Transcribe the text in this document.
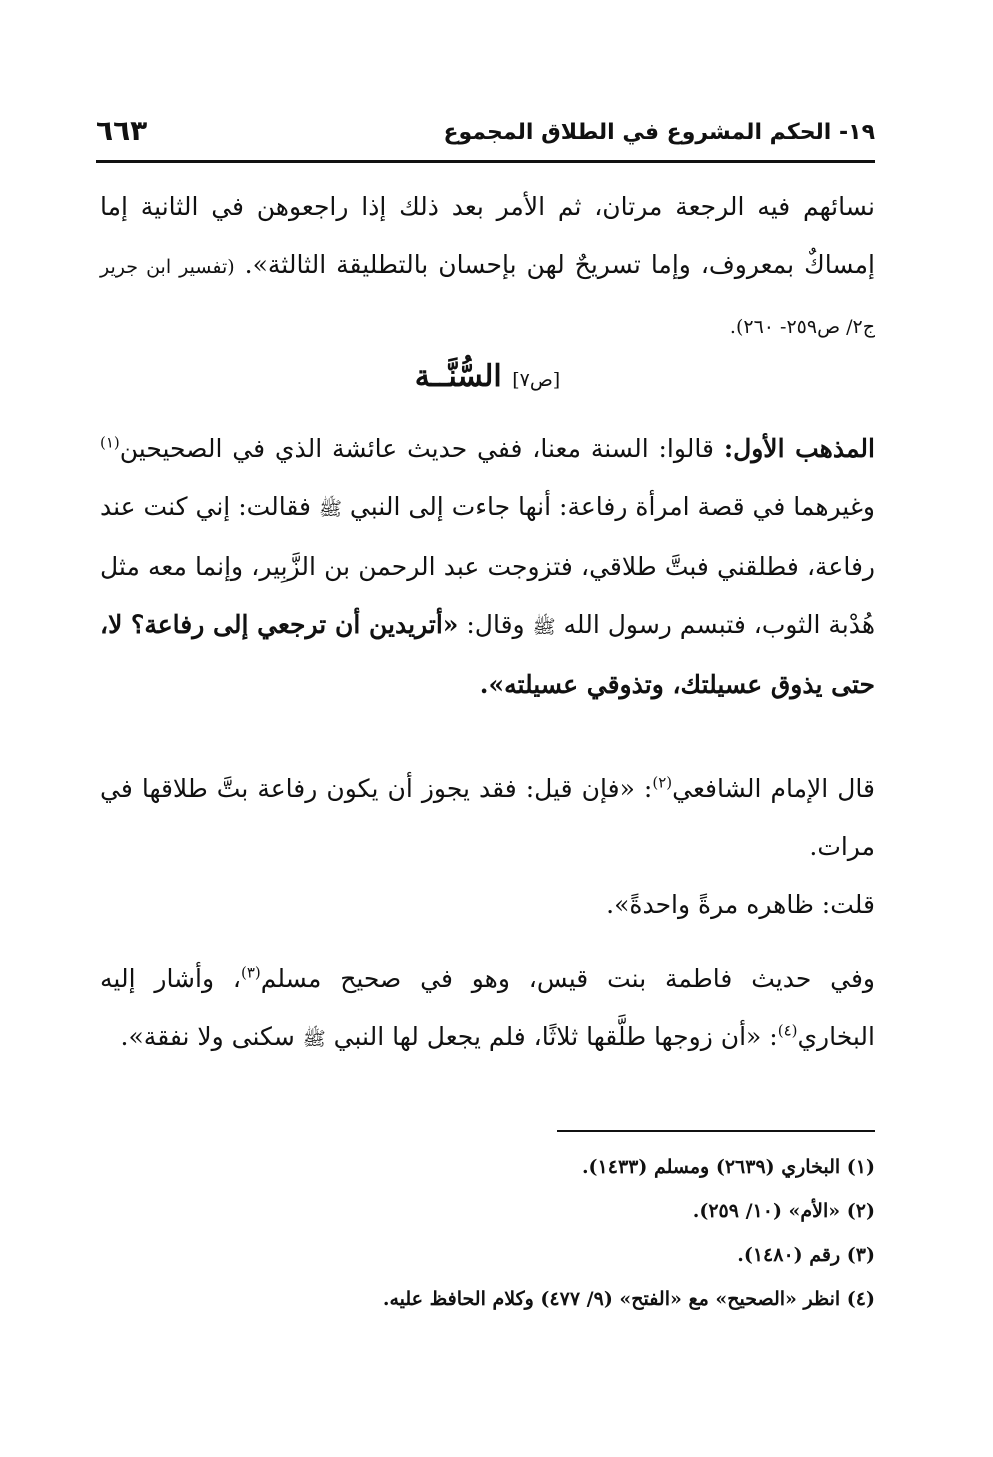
١٩- الحكم المشروع في الطلاق المجموع
٦٦٣
نسائهم فيه الرجعة مرتان، ثم الأمر بعد ذلك إذا راجعوهن في الثانية إما إمساكٌ بمعروف، وإما تسريحٌ لهن بإحسان بالتطليقة الثالثة». (تفسير ابن جرير ج٢/ ص٢٥٩- ٢٦٠).
[ص٧] السُّنَّــة
المذهب الأول: قالوا: السنة معنا، ففي حديث عائشة الذي في الصحيحين$^{(١)}$ وغيرهما في قصة امرأة رفاعة: أنها جاءت إلى النبي ﷺ فقالت: إني كنت عند رفاعة، فطلقني فبتَّ طلاقي، فتزوجت عبد الرحمن بن الزَّبِير، وإنما معه مثل هُدْبة الثوب، فتبسم رسول الله ﷺ وقال: «أتريدين أن ترجعي إلى رفاعة؟ لا، حتى يذوق عسيلتك، وتذوقي عسيلته».
قال الإمام الشافعي$^{(٢)}$: «فإن قيل: فقد يجوز أن يكون رفاعة بتَّ طلاقها في مرات.
قلت: ظاهره مرةً واحدةً».
وفي حديث فاطمة بنت قيس، وهو في صحيح مسلم$^{(٣)}$، وأشار إليه البخاري$^{(٤)}$: «أن زوجها طلَّقها ثلاثًا، فلم يجعل لها النبي ﷺ سكنى ولا نفقة».
(١) البخاري (٢٦٣٩) ومسلم (١٤٣٣).
(٢) «الأم» (١٠/ ٢٥٩).
(٣) رقم (١٤٨٠).
(٤) انظر «الصحيح» مع «الفتح» (٩/ ٤٧٧) وكلام الحافظ عليه.
